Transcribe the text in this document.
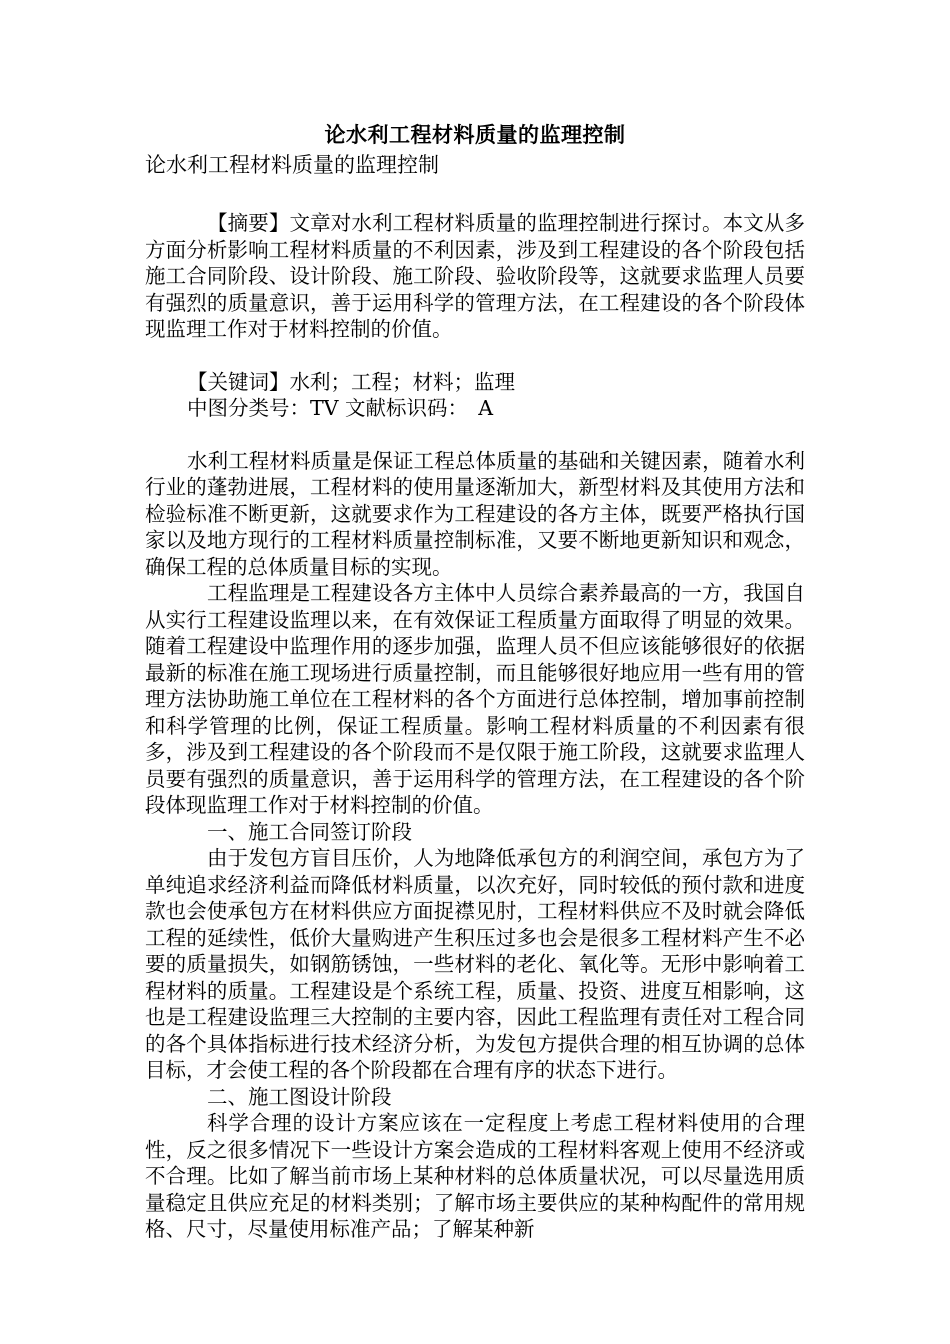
论水利工程材料质量的监理控制

论水利工程材料质量的监理控制

【摘要】文章对水利工程材料质量的监理控制进行探讨。本文从多方面分析影响工程材料质量的不利因素，涉及到工程建设的各个阶段包括施工合同阶段、设计阶段、施工阶段、验收阶段等，这就要求监理人员要有强烈的质量意识，善于运用科学的管理方法，在工程建设的各个阶段体现监理工作对于材料控制的价值。

【关键词】水利；工程；材料；监理

中图分类号：TV 文献标识码：　A

水利工程材料质量是保证工程总体质量的基础和关键因素，随着水利行业的蓬勃进展，工程材料的使用量逐渐加大，新型材料及其使用方法和检验标准不断更新，这就要求作为工程建设的各方主体，既要严格执行国家以及地方现行的工程材料质量控制标准，又要不断地更新知识和观念，确保工程的总体质量目标的实现。

工程监理是工程建设各方主体中人员综合素养最高的一方，我国自从实行工程建设监理以来，在有效保证工程质量方面取得了明显的效果。随着工程建设中监理作用的逐步加强，监理人员不但应该能够很好的依据最新的标准在施工现场进行质量控制，而且能够很好地应用一些有用的管理方法协助施工单位在工程材料的各个方面进行总体控制，增加事前控制和科学管理的比例，保证工程质量。影响工程材料质量的不利因素有很多，涉及到工程建设的各个阶段而不是仅限于施工阶段，这就要求监理人员要有强烈的质量意识，善于运用科学的管理方法，在工程建设的各个阶段体现监理工作对于材料控制的价值。

一、施工合同签订阶段

由于发包方盲目压价，人为地降低承包方的利润空间，承包方为了单纯追求经济利益而降低材料质量，以次充好，同时较低的预付款和进度款也会使承包方在材料供应方面捉襟见肘，工程材料供应不及时就会降低工程的延续性，低价大量购进产生积压过多也会是很多工程材料产生不必要的质量损失，如钢筋锈蚀，一些材料的老化、氧化等。无形中影响着工程材料的质量。工程建设是个系统工程，质量、投资、进度互相影响，这也是工程建设监理三大控制的主要内容，因此工程监理有责任对工程合同的各个具体指标进行技术经济分析，为发包方提供合理的相互协调的总体目标，才会使工程的各个阶段都在合理有序的状态下进行。

二、施工图设计阶段

科学合理的设计方案应该在一定程度上考虑工程材料使用的合理性，反之很多情况下一些设计方案会造成的工程材料客观上使用不经济或不合理。比如了解当前市场上某种材料的总体质量状况，可以尽量选用质量稳定且供应充足的材料类别；了解市场主要供应的某种构配件的常用规格、尺寸，尽量使用标准产品；了解某种新
